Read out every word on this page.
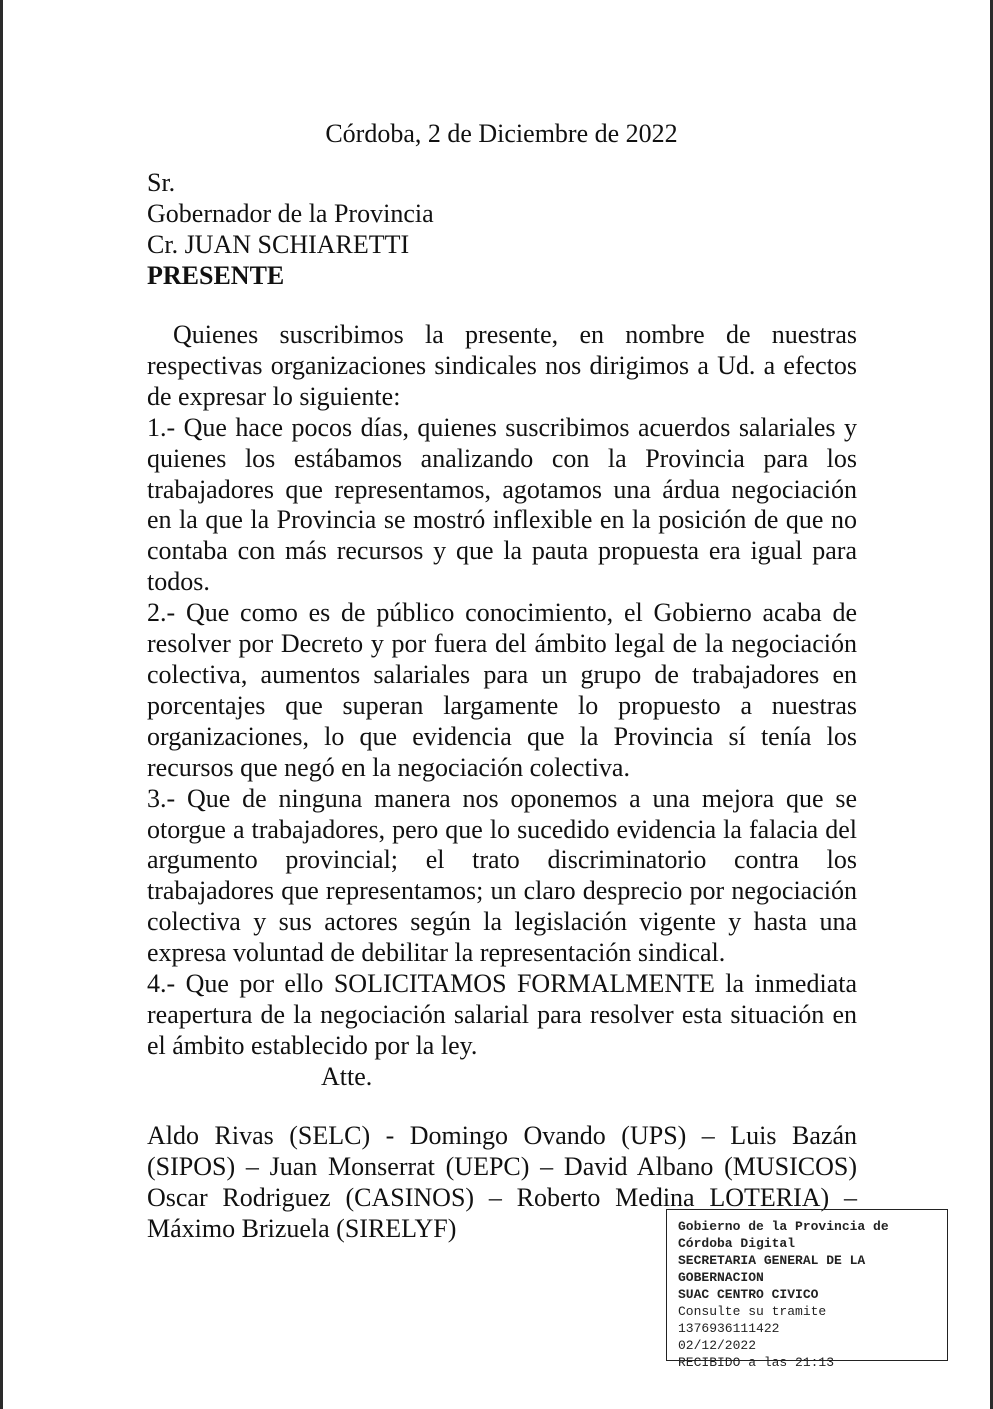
Córdoba, 2 de Diciembre de 2022
Sr.
Gobernador de la Provincia
Cr. JUAN SCHIARETTI
PRESENTE

Quienes suscribimos la presente, en nombre de nuestras respectivas organizaciones sindicales nos dirigimos a Ud. a efectos de expresar lo siguiente:

1.- Que hace pocos días, quienes suscribimos acuerdos salariales y quienes los estábamos analizando con la Provincia para los trabajadores que representamos, agotamos una árdua negociación en la que la Provincia se mostró inflexible en la posición de que no contaba con más recursos y que la pauta propuesta era igual para todos.

2.- Que como es de público conocimiento, el Gobierno acaba de resolver por Decreto y por fuera del ámbito legal de la negociación colectiva, aumentos salariales para un grupo de trabajadores en porcentajes que superan largamente lo propuesto a nuestras organizaciones, lo que evidencia que la Provincia sí tenía los recursos que negó en la negociación colectiva.

3.- Que de ninguna manera nos oponemos a una mejora que se otorgue a trabajadores, pero que lo sucedido evidencia la falacia del argumento provincial; el trato discriminatorio contra los trabajadores que representamos; un claro desprecio por negociación colectiva y sus actores según la legislación vigente y hasta una expresa voluntad de debilitar la representación sindical.

4.- Que por ello SOLICITAMOS FORMALMENTE la inmediata reapertura de la negociación salarial para resolver esta situación en el ámbito establecido por la ley.

Atte.

Aldo Rivas (SELC) - Domingo Ovando (UPS) – Luis Bazán (SIPOS) – Juan Monserrat (UEPC) – David Albano (MUSICOS) Oscar Rodriguez (CASINOS) – Roberto Medina LOTERIA) – Máximo Brizuela (SIRELYF)	Gobierno de la Provincia de
Córdoba Digital
SECRETARIA GENERAL DE LA
GOBERNACION
SUAC CENTRO CIVICO
Consulte su tramite
1376936111422
02/12/2022
RECIBIDO a las 21:13
